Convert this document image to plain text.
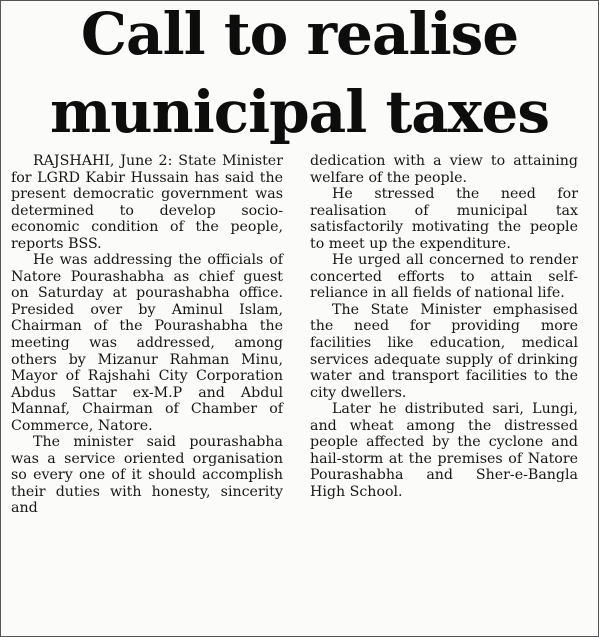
Call to realise
municipal taxes

RAJSHAHI, June 2: State Minister for LGRD Kabir Hussain has said the present democratic government was determined to develop socio-economic condition of the people, reports BSS.

He was addressing the officials of Natore Pourashabha as chief guest on Saturday at pourashabha office. Presided over by Aminul Islam, Chairman of the Pourashabha the meeting was addressed, among others by Mizanur Rahman Minu, Mayor of Rajshahi City Corporation Abdus Sattar ex-M.P and Abdul Mannaf, Chairman of Chamber of Commerce, Natore.

The minister said pourashabha was a service oriented organisation so every one of it should accomplish their duties with honesty, sincerity and

dedication with a view to attaining welfare of the people.

He stressed the need for realisation of municipal tax satisfactorily motivating the people to meet up the expenditure.

He urged all concerned to render concerted efforts to attain self-reliance in all fields of national life.

The State Minister emphasised the need for providing more facilities like education, medical services adequate supply of drinking water and transport facilities to the city dwellers.

Later he distributed sari, Lungi, and wheat among the distressed people affected by the cyclone and hail-storm at the premises of Natore Pourashabha and Sher-e-Bangla High School.
